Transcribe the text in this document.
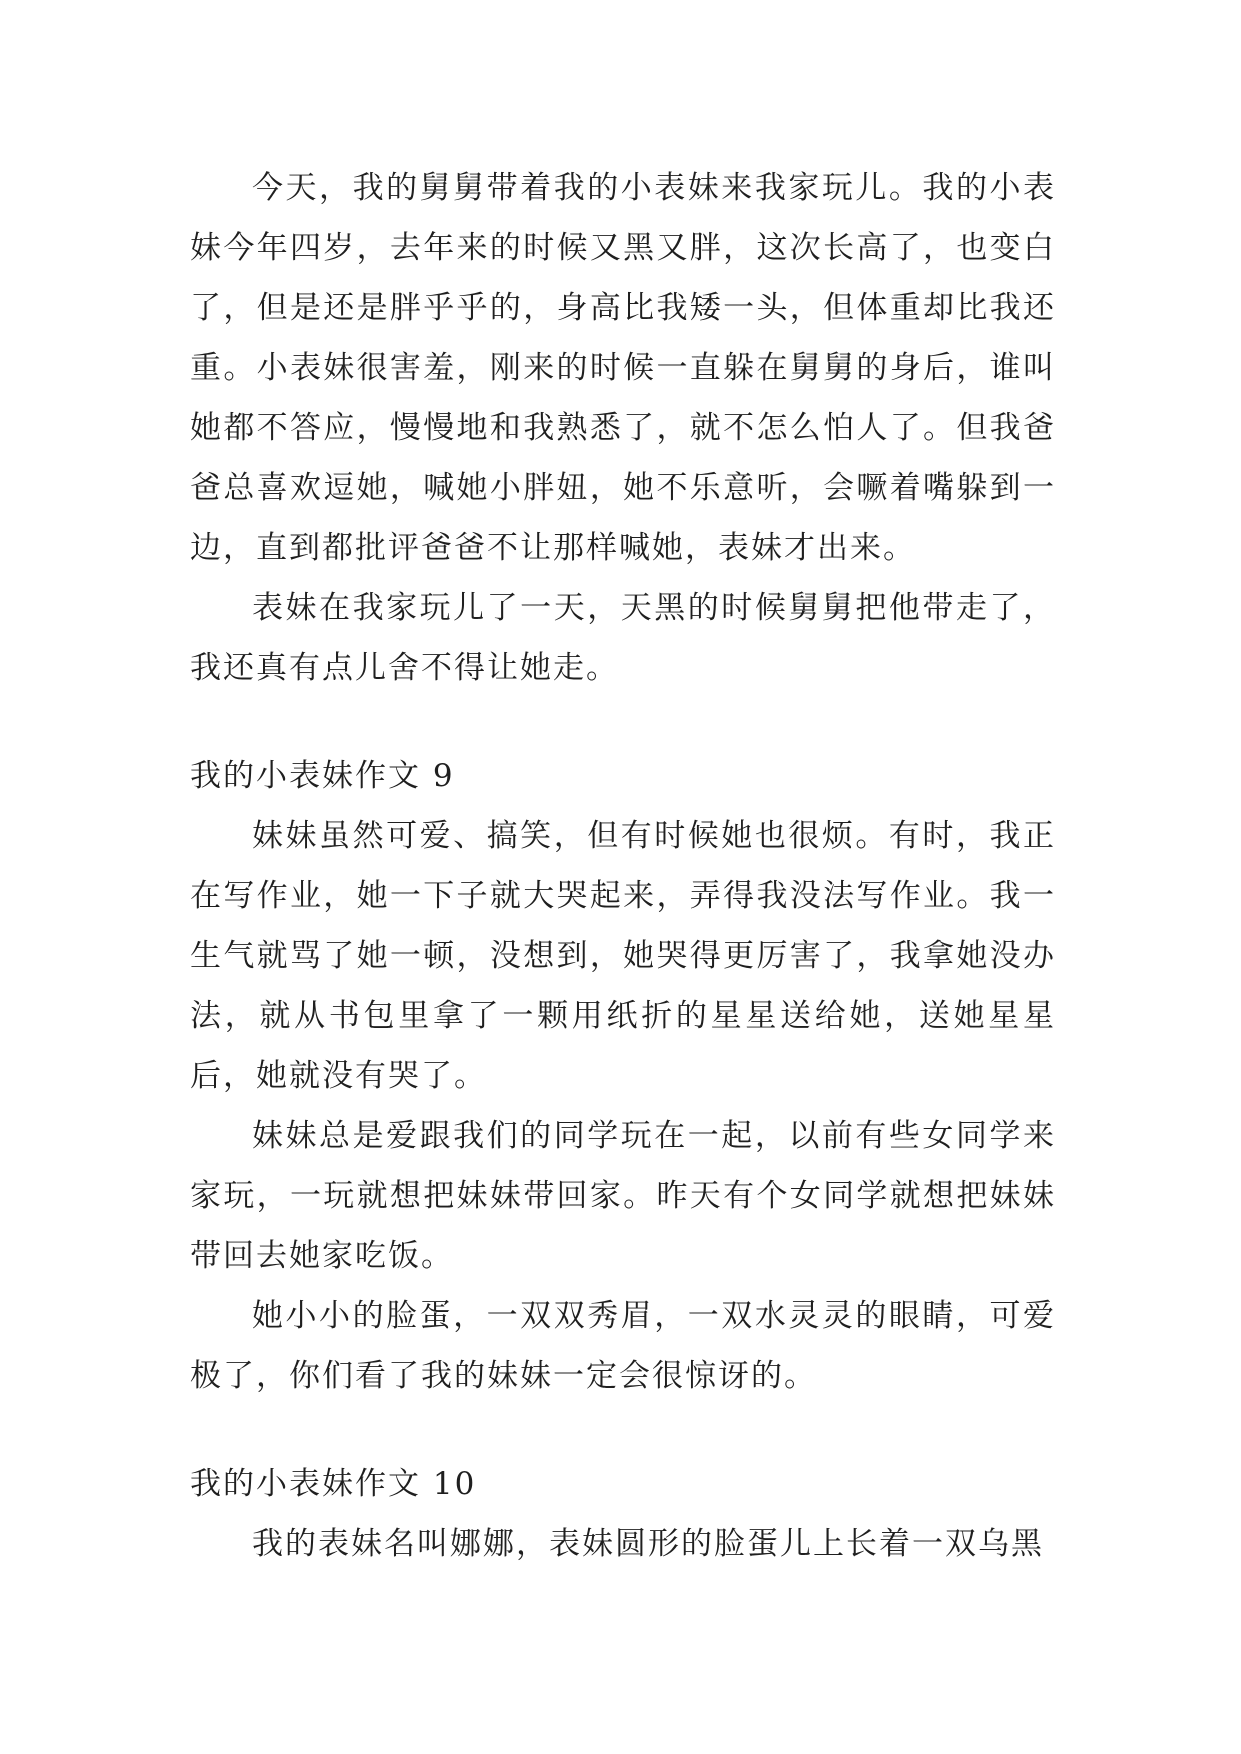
今天，我的舅舅带着我的小表妹来我家玩儿。我的小表妹今年四岁，去年来的时候又黑又胖，这次长高了，也变白了，但是还是胖乎乎的，身高比我矮一头，但体重却比我还重。小表妹很害羞，刚来的时候一直躲在舅舅的身后，谁叫她都不答应，慢慢地和我熟悉了，就不怎么怕人了。但我爸爸总喜欢逗她，喊她小胖妞，她不乐意听，会噘着嘴躲到一边，直到都批评爸爸不让那样喊她，表妹才出来。

表妹在我家玩儿了一天，天黑的时候舅舅把他带走了，我还真有点儿舍不得让她走。

我的小表妹作文 9

妹妹虽然可爱、搞笑，但有时候她也很烦。有时，我正在写作业，她一下子就大哭起来，弄得我没法写作业。我一生气就骂了她一顿，没想到，她哭得更厉害了，我拿她没办法，就从书包里拿了一颗用纸折的星星送给她，送她星星后，她就没有哭了。

妹妹总是爱跟我们的同学玩在一起，以前有些女同学来家玩，一玩就想把妹妹带回家。昨天有个女同学就想把妹妹带回去她家吃饭。

她小小的脸蛋，一双双秀眉，一双水灵灵的眼睛，可爱极了，你们看了我的妹妹一定会很惊讶的。

我的小表妹作文 10

我的表妹名叫娜娜，表妹圆形的脸蛋儿上长着一双乌黑
